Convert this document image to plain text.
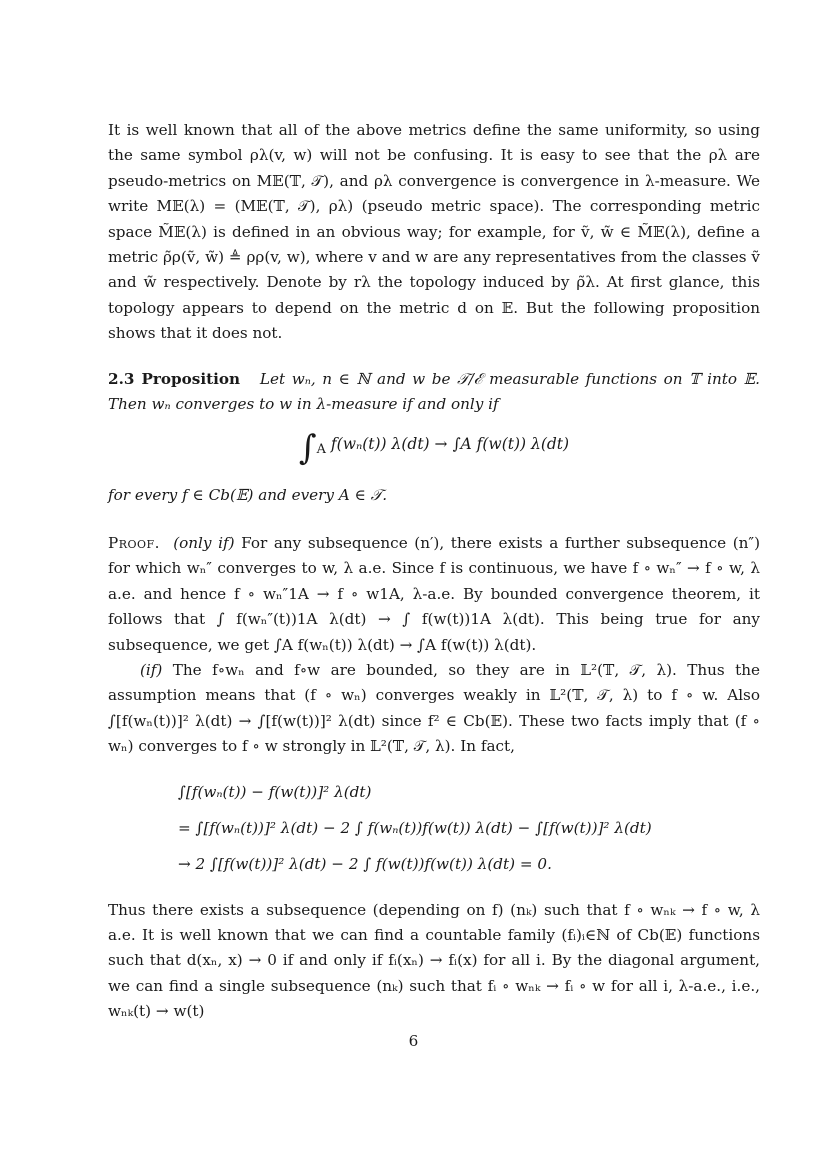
It is well known that all of the above metrics define the same uniformity, so using the same symbol ρλ(v, w) will not be confusing. It is easy to see that the ρλ are pseudo-metrics on M𝔼(𝕋, 𝒯), and ρλ convergence is convergence in λ-measure. We write M𝔼(λ) = (M𝔼(𝕋, 𝒯), ρλ) (pseudo metric space). The corresponding metric space M̃𝔼(λ) is defined in an obvious way; for example, for ṽ, w̃ ∈ M̃𝔼(λ), define a metric ρ̃ρ(ṽ, w̃) ≜ ρρ(v, w), where v and w are any representatives from the classes ṽ and w̃ respectively. Denote by rλ the topology induced by ρ̃λ. At first glance, this topology appears to depend on the metric d on 𝔼. But the following proposition shows that it does not.

2.3 Proposition Let wₙ, n ∈ ℕ and w be 𝒯/ℰ measurable functions on 𝕋 into 𝔼. Then wₙ converges to w in λ-measure if and only if

$\int_A$ f(wₙ(t)) λ(dt) → ∫A f(w(t)) λ(dt)

for every f ∈ Cb(𝔼) and every A ∈ 𝒯.

Proof. (only if) For any subsequence (n′), there exists a further subsequence (n″) for which wₙ″ converges to w, λ a.e. Since f is continuous, we have f ∘ wₙ″ → f ∘ w, λ a.e. and hence f ∘ wₙ″1A → f ∘ w1A, λ-a.e. By bounded convergence theorem, it follows that ∫ f(wₙ″(t))1A λ(dt) → ∫ f(w(t))1A λ(dt). This being true for any subsequence, we get ∫A f(wₙ(t)) λ(dt) → ∫A f(w(t)) λ(dt).

(if) The f∘wₙ and f∘w are bounded, so they are in 𝕃²(𝕋, 𝒯, λ). Thus the assumption means that (f ∘ wₙ) converges weakly in 𝕃²(𝕋, 𝒯, λ) to f ∘ w. Also ∫[f(wₙ(t))]² λ(dt) → ∫[f(w(t))]² λ(dt) since f² ∈ Cb(𝔼). These two facts imply that (f ∘ wₙ) converges to f ∘ w strongly in 𝕃²(𝕋, 𝒯, λ). In fact,

∫[f(wₙ(t)) − f(w(t))]² λ(dt)
= ∫[f(wₙ(t))]² λ(dt) − 2 ∫ f(wₙ(t))f(w(t)) λ(dt) − ∫[f(w(t))]² λ(dt)
→ 2 ∫[f(w(t))]² λ(dt) − 2 ∫ f(w(t))f(w(t)) λ(dt) = 0.

Thus there exists a subsequence (depending on f) (nₖ) such that f ∘ wₙₖ → f ∘ w, λ a.e. It is well known that we can find a countable family (fᵢ)ᵢ∈ℕ of Cb(𝔼) functions such that d(xₙ, x) → 0 if and only if fᵢ(xₙ) → fᵢ(x) for all i. By the diagonal argument, we can find a single subsequence (nₖ) such that fᵢ ∘ wₙₖ → fᵢ ∘ w for all i, λ-a.e., i.e., wₙₖ(t) → w(t)

6
